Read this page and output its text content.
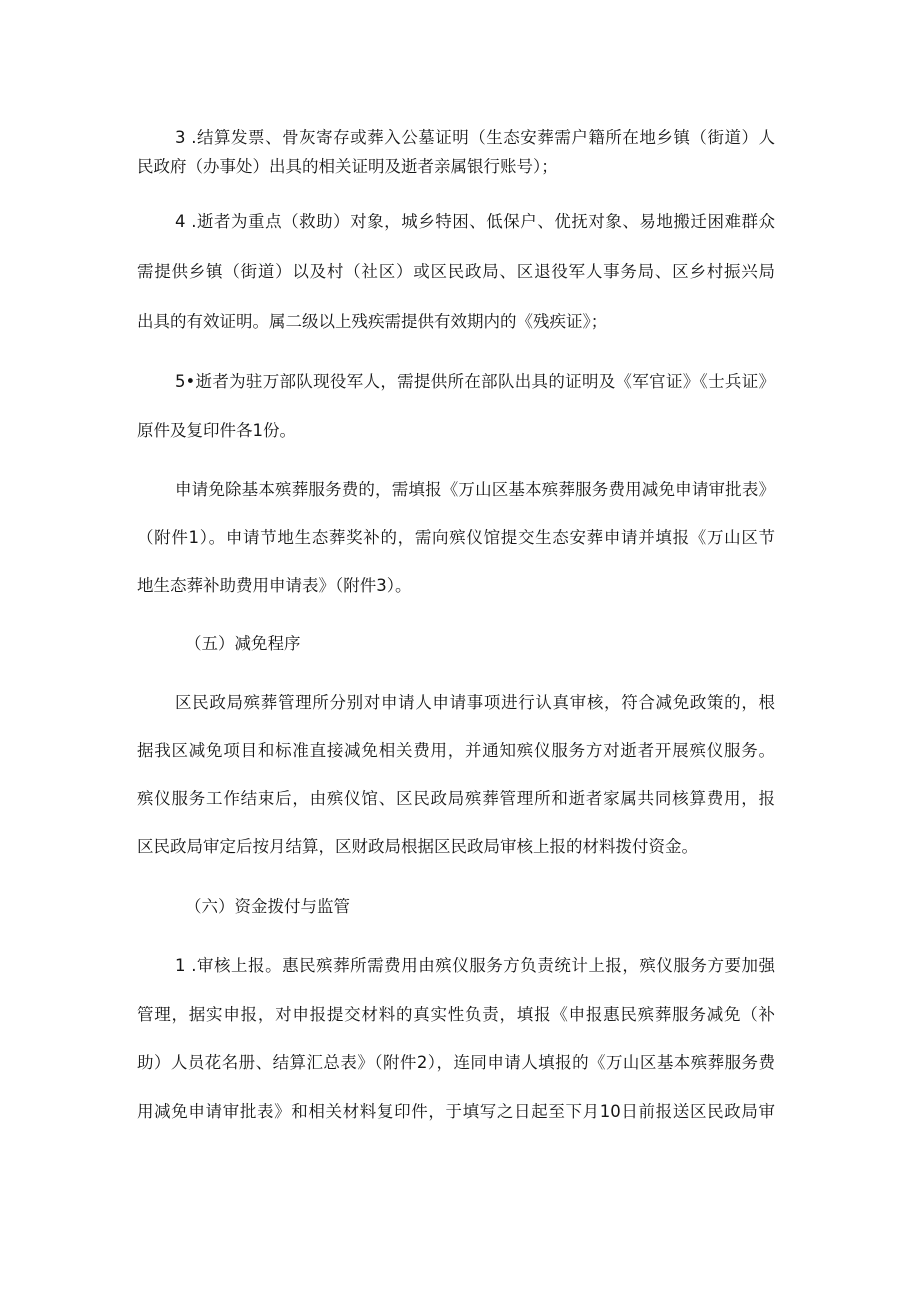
3 .结算发票、骨灰寄存或葬入公墓证明（生态安葬需户籍所在地乡镇（街道）人
民政府（办事处）出具的相关证明及逝者亲属银行账号）；
4 .逝者为重点（救助）对象，城乡特困、低保户、优抚对象、易地搬迁困难群众
需提供乡镇（街道）以及村（社区）或区民政局、区退役军人事务局、区乡村振兴局
出具的有效证明。属二级以上残疾需提供有效期内的《残疾证》；
5•逝者为驻万部队现役军人，需提供所在部队出具的证明及《军官证》《士兵证》
原件及复印件各1份。
申请免除基本殡葬服务费的，需填报《万山区基本殡葬服务费用减免申请审批表》
（附件1）。申请节地生态葬奖补的，需向殡仪馆提交生态安葬申请并填报《万山区节
地生态葬补助费用申请表》（附件3）。
（五）减免程序
区民政局殡葬管理所分别对申请人申请事项进行认真审核，符合减免政策的，根
据我区减免项目和标准直接减免相关费用，并通知殡仪服务方对逝者开展殡仪服务。
殡仪服务工作结束后，由殡仪馆、区民政局殡葬管理所和逝者家属共同核算费用，报
区民政局审定后按月结算，区财政局根据区民政局审核上报的材料拨付资金。
（六）资金拨付与监管
1 .审核上报。惠民殡葬所需费用由殡仪服务方负责统计上报，殡仪服务方要加强
管理，据实申报，对申报提交材料的真实性负责，填报《申报惠民殡葬服务减免（补
助）人员花名册、结算汇总表》（附件2），连同申请人填报的《万山区基本殡葬服务费
用减免申请审批表》和相关材料复印件，于填写之日起至下月10日前报送区民政局审
